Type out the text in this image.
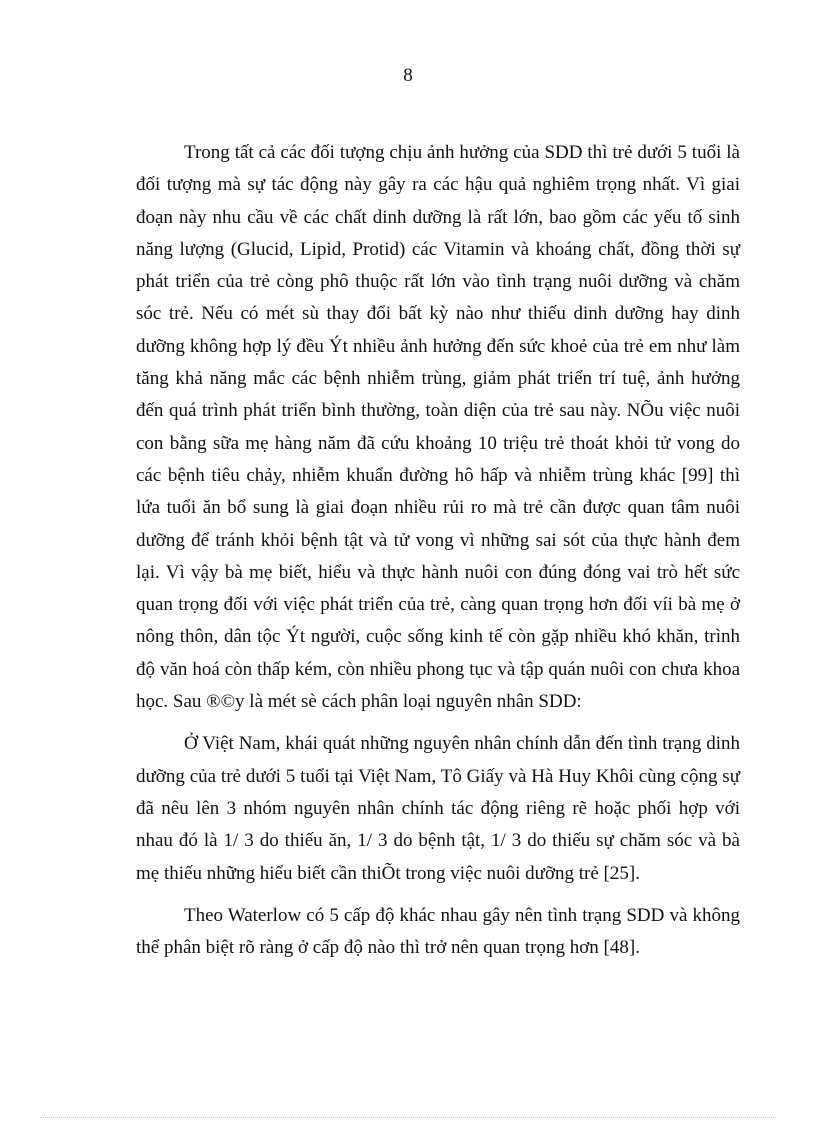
8

Trong tất cả các đối tượng chịu ảnh hưởng của SDD thì trẻ dưới 5 tuổi là đối tượng mà sự tác động này gây ra các hậu quả nghiêm trọng nhất. Vì giai đoạn này nhu cầu về các chất dinh dưỡng là rất lớn, bao gồm các yếu tố sinh năng lượng (Glucid, Lipid, Protid) các Vitamin và khoáng chất, đồng thời sự phát triển của trẻ còng phô thuộc rất lớn vào tình trạng nuôi dưỡng và chăm sóc trẻ. Nếu có mét sù thay đổi bất kỳ nào như thiếu dinh dưỡng hay dinh dưỡng không hợp lý đều Ýt nhiều ảnh hưởng đến sức khoẻ của trẻ em như làm tăng khả năng mắc các bệnh nhiễm trùng, giảm phát triển trí tuệ, ảnh hưởng đến quá trình phát triển bình thường, toàn diện của trẻ sau này. NÕu việc nuôi con bằng sữa mẹ hàng năm đã cứu khoảng 10 triệu trẻ thoát khỏi tử vong do các bệnh tiêu chảy, nhiễm khuẩn đường hô hấp và nhiễm trùng khác [99] thì lứa tuổi ăn bổ sung là giai đoạn nhiều rủi ro mà trẻ cần được quan tâm nuôi dưỡng để tránh khỏi bệnh tật và tử vong vì những sai sót của thực hành đem lại. Vì vậy bà mẹ biết, hiểu và thực hành nuôi con đúng đóng vai trò hết sức quan trọng đối với việc phát triển của trẻ, càng quan trọng hơn đối víi bà mẹ ở nông thôn, dân tộc Ýt người, cuộc sống kinh tế còn gặp nhiều khó khăn, trình độ văn hoá còn thấp kém, còn nhiều phong tục và tập quán nuôi con chưa khoa học. Sau ®©y là mét sè cách phân loại nguyên nhân SDD:

Ở Việt Nam, khái quát những nguyên nhân chính dẫn đến tình trạng dinh dưỡng của trẻ dưới 5 tuổi tại Việt Nam, Tô Giấy và Hà Huy Khôi cùng cộng sự đã nêu lên 3 nhóm nguyên nhân chính tác động riêng rẽ hoặc phối hợp với nhau đó là 1/ 3 do thiếu ăn, 1/ 3 do bệnh tật, 1/ 3 do thiếu sự chăm sóc và bà mẹ thiếu những hiểu biết cần thiÕt trong việc nuôi dưỡng trẻ [25].

Theo Waterlow có 5 cấp độ khác nhau gây nên tình trạng SDD và không thể phân biệt rõ ràng ở cấp độ nào thì trở nên quan trọng hơn [48].
